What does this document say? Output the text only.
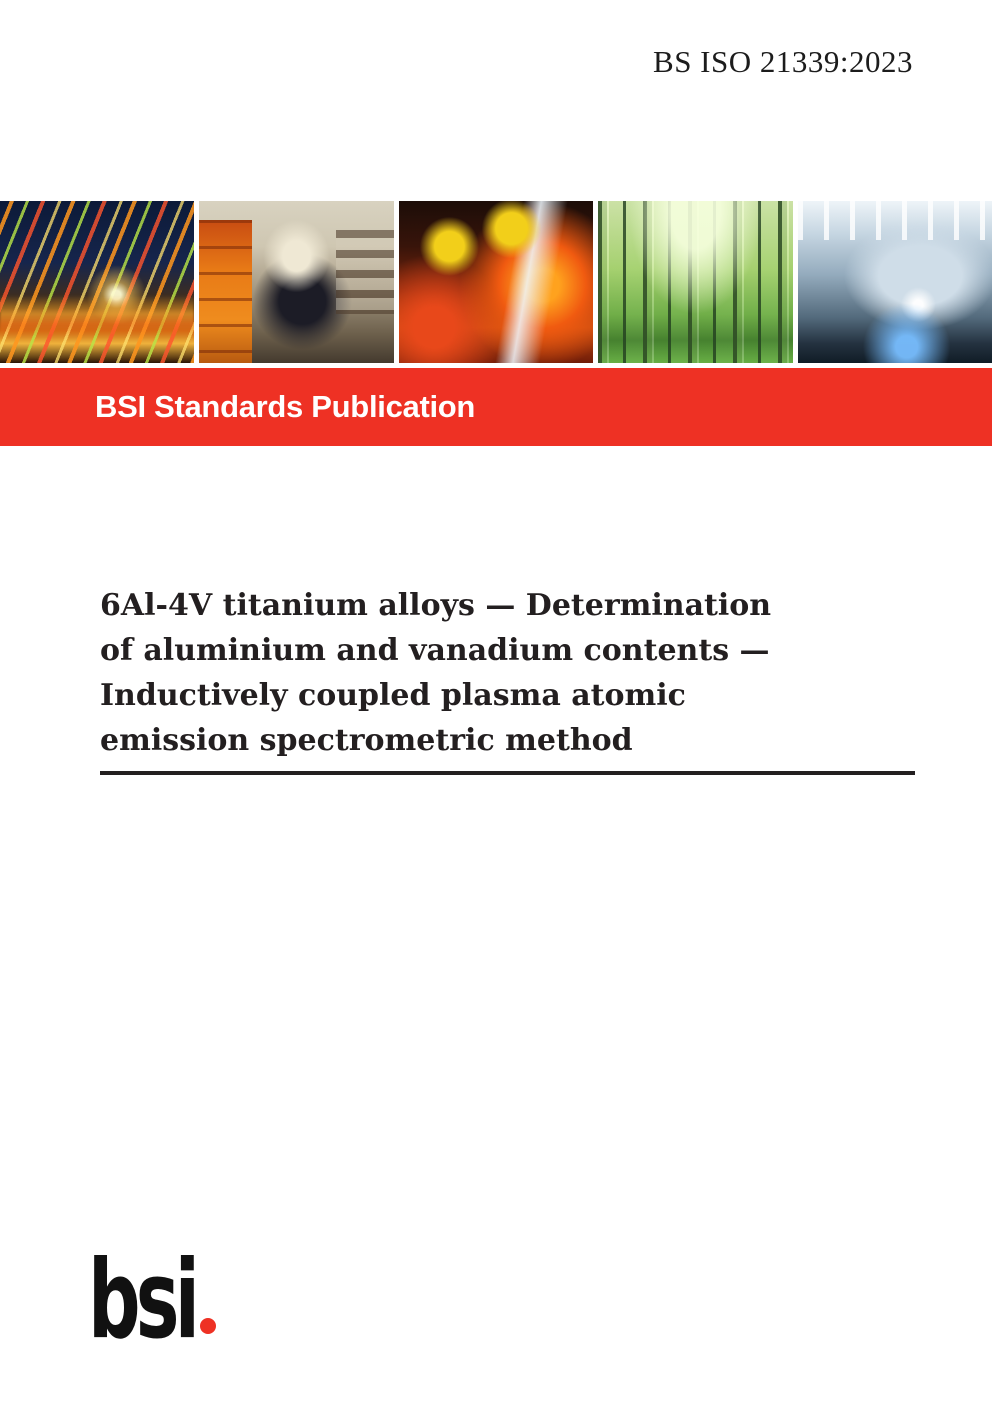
BS ISO 21339:2023
BSI Standards Publication
6Al-4V titanium alloys — Determination
of aluminium and vanadium contents —
Inductively coupled plasma atomic
emission spectrometric method
bsi
